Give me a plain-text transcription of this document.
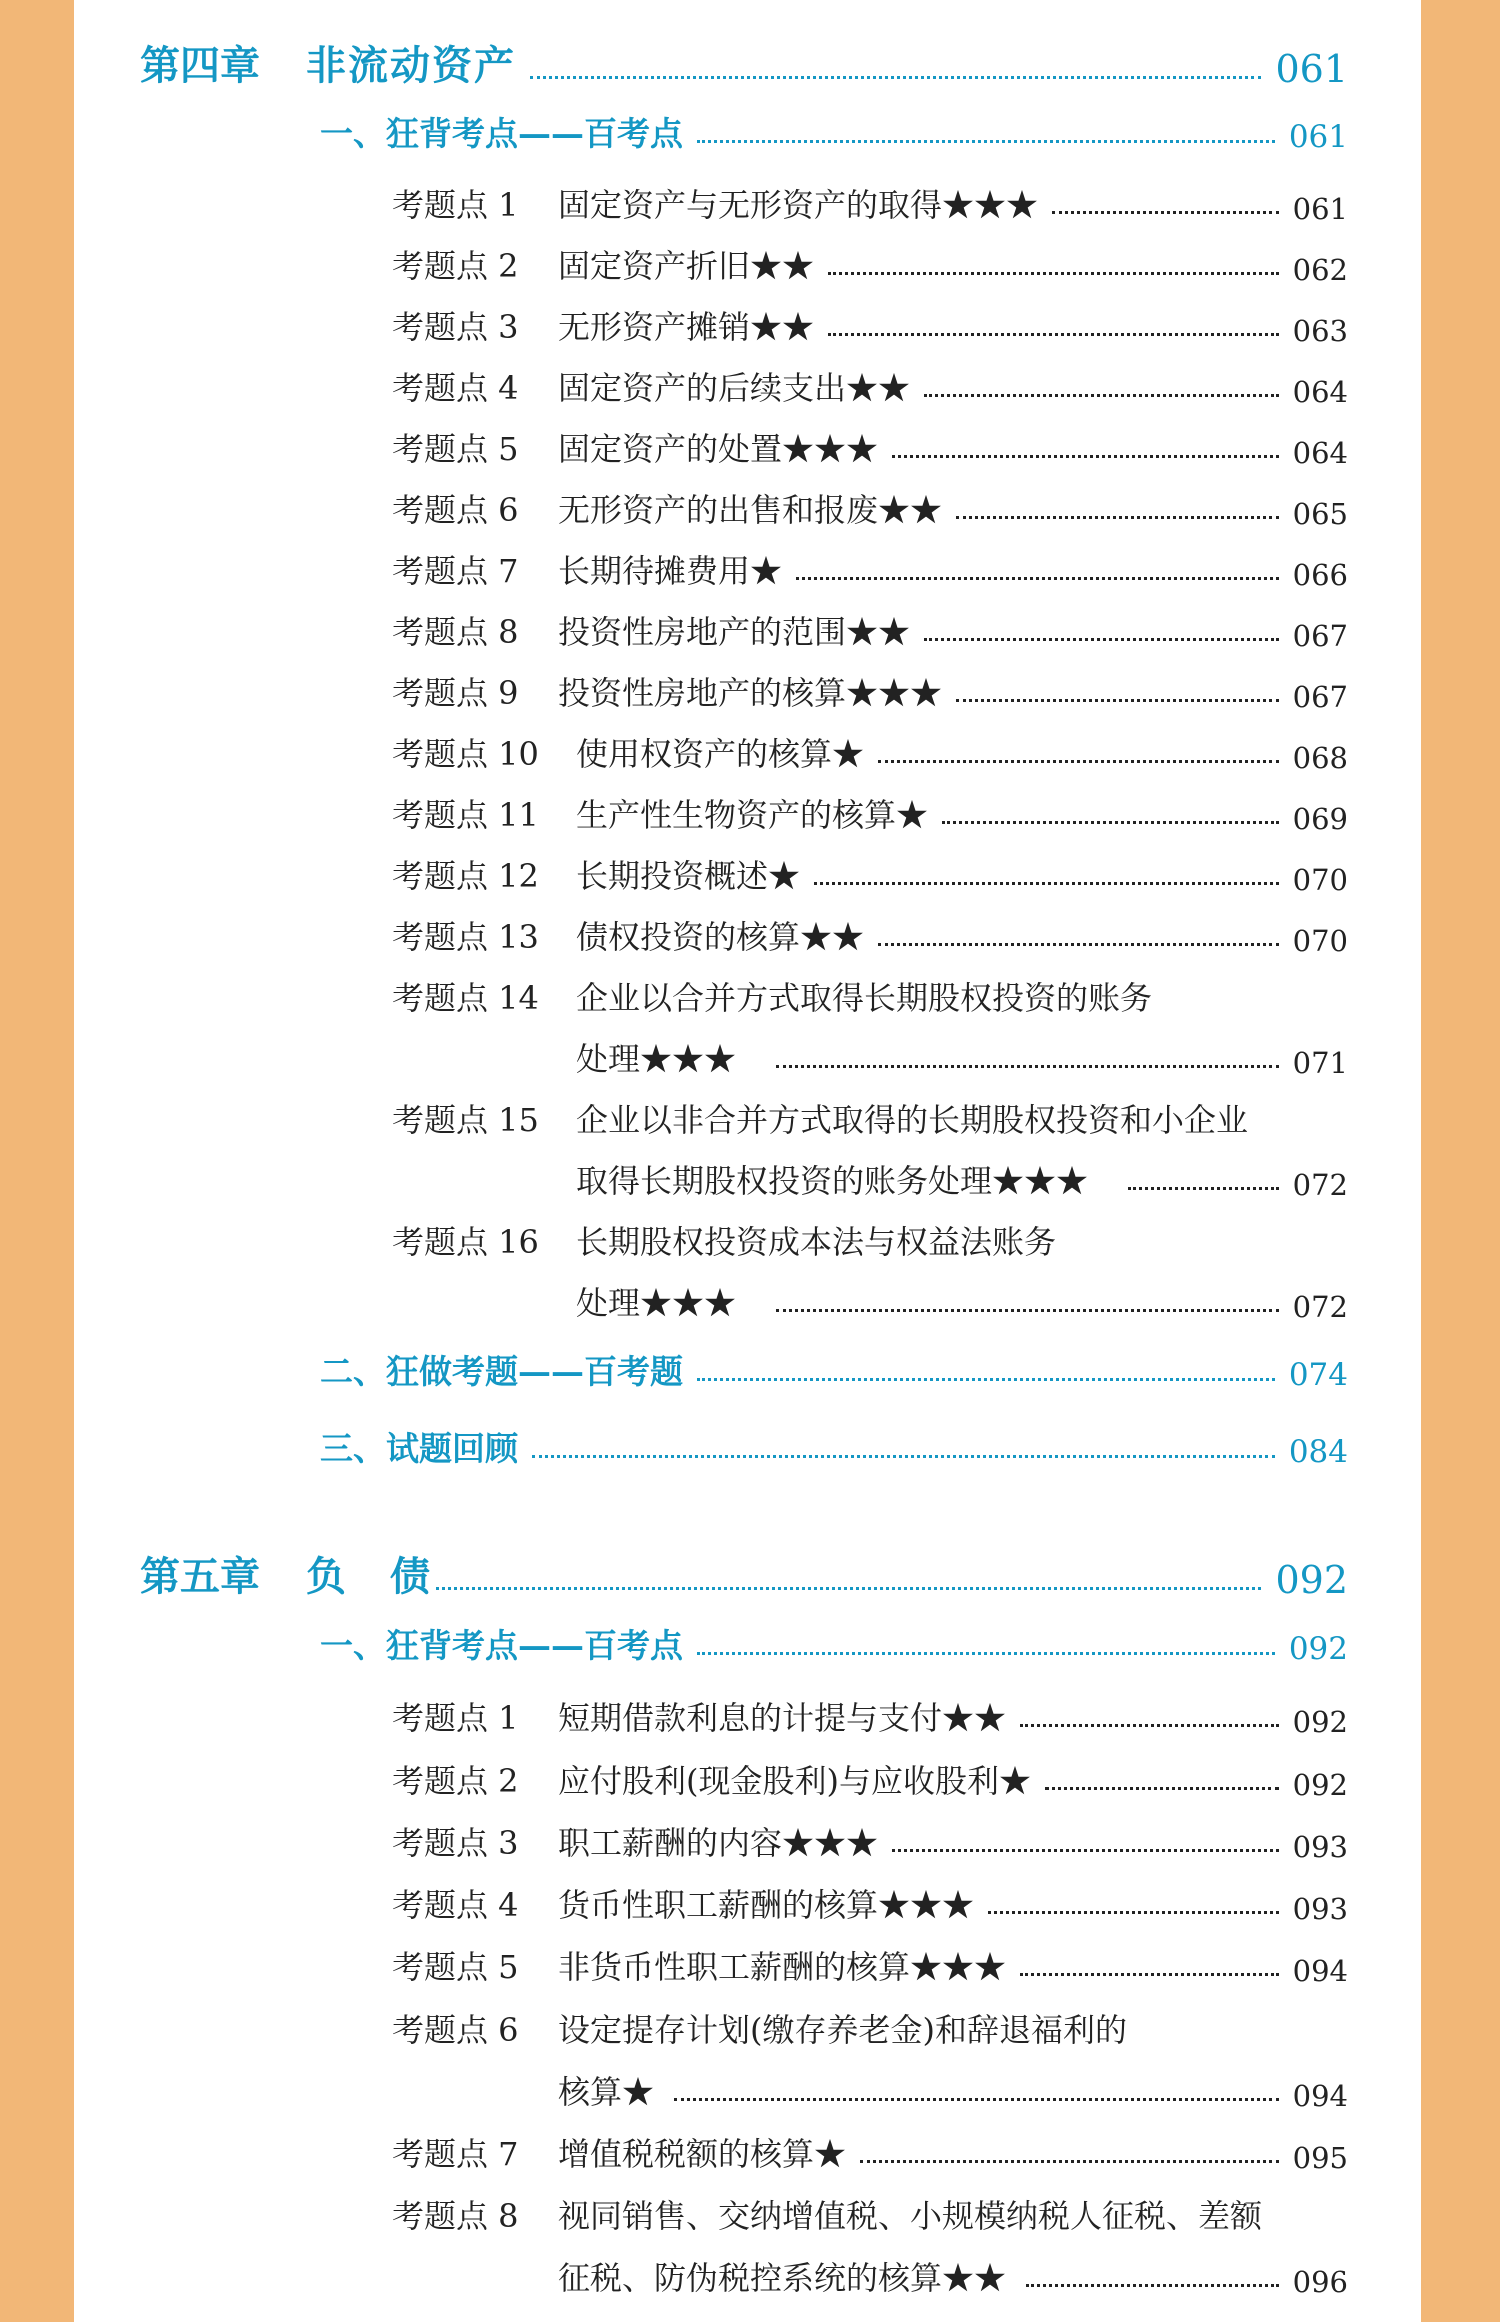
第四章 非流动资产	061
一、狂背考点——百考点	061
考题点 1	固定资产与无形资产的取得★★★	061
考题点 2	固定资产折旧★★	062
考题点 3	无形资产摊销★★	063
考题点 4	固定资产的后续支出★★	064
考题点 5	固定资产的处置★★★	064
考题点 6	无形资产的出售和报废★★	065
考题点 7	长期待摊费用★	066
考题点 8	投资性房地产的范围★★	067
考题点 9	投资性房地产的核算★★★	067
考题点 10	使用权资产的核算★	068
考题点 11	生产性生物资产的核算★	069
考题点 12	长期投资概述★	070
考题点 13	债权投资的核算★★	070
考题点 14 企业以合并方式取得长期股权投资的账务
处理★★★	071
考题点 15 企业以非合并方式取得的长期股权投资和小企业
取得长期股权投资的账务处理★★★	072
考题点 16 长期股权投资成本法与权益法账务
处理★★★	072
二、狂做考题——百考题	074
三、试题回顾	084
第五章 负　债	092
一、狂背考点——百考点	092
考题点 1	短期借款利息的计提与支付★★	092
考题点 2	应付股利(现金股利)与应收股利★	092
考题点 3	职工薪酬的内容★★★	093
考题点 4	货币性职工薪酬的核算★★★	093
考题点 5	非货币性职工薪酬的核算★★★	094
考题点 6 设定提存计划(缴存养老金)和辞退福利的
核算★	094
考题点 7	增值税税额的核算★	095
考题点 8 视同销售、交纳增值税、小规模纳税人征税、差额
征税、防伪税控系统的核算★★	096
